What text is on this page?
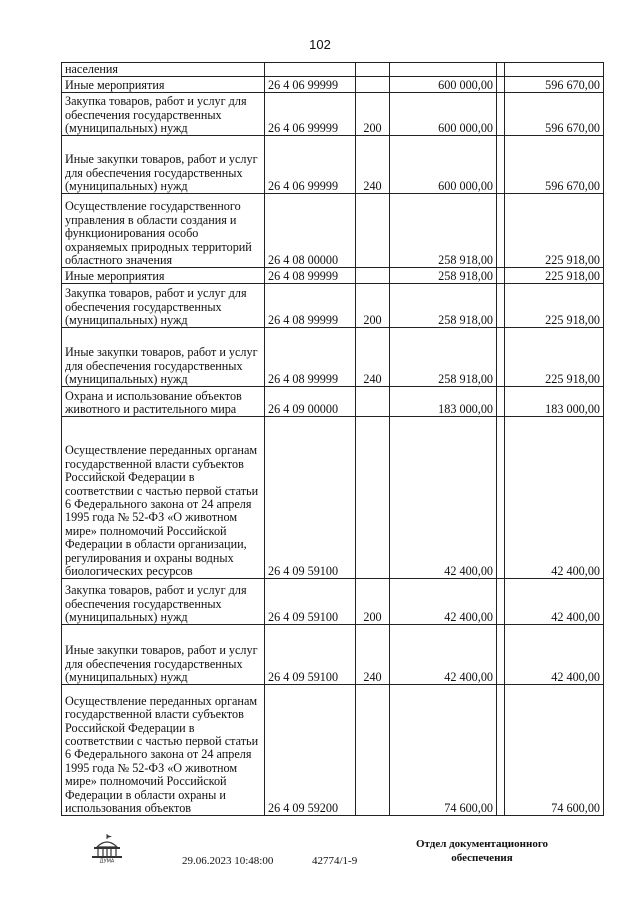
102
населения					
Иные мероприятия	26 4 06 99999		600 000,00		596 670,00
Закупка товаров, работ и услуг для обеспечения государственных (муниципальных) нужд	26 4 06 99999	200	600 000,00		596 670,00
Иные закупки товаров, работ и услуг для обеспечения государственных (муниципальных) нужд	26 4 06 99999	240	600 000,00		596 670,00
Осуществление государственного управления в области создания и функционирования особо охраняемых природных территорий областного значения	26 4 08 00000		258 918,00		225 918,00
Иные мероприятия	26 4 08 99999		258 918,00		225 918,00
Закупка товаров, работ и услуг для обеспечения государственных (муниципальных) нужд	26 4 08 99999	200	258 918,00		225 918,00
Иные закупки товаров, работ и услуг для обеспечения государственных (муниципальных) нужд	26 4 08 99999	240	258 918,00		225 918,00
Охрана и использование объектов животного и растительного мира	26 4 09 00000		183 000,00		183 000,00
Осуществление переданных органам государственной власти субъектов Российской Федерации в соответствии с частью первой статьи 6 Федерального закона от 24 апреля 1995 года № 52-ФЗ «О животном мире» полномочий Российской Федерации в области организации, регулирования и охраны водных биологических ресурсов	26 4 09 59100		42 400,00		42 400,00
Закупка товаров, работ и услуг для обеспечения государственных (муниципальных) нужд	26 4 09 59100	200	42 400,00		42 400,00
Иные закупки товаров, работ и услуг для обеспечения государственных (муниципальных) нужд	26 4 09 59100	240	42 400,00		42 400,00
Осуществление переданных органам государственной власти субъектов Российской Федерации в соответствии с частью первой статьи 6 Федерального закона от 24 апреля 1995 года № 52-ФЗ «О животном мире» полномочий Российской Федерации в области охраны и использования объектов	26 4 09 59200		74 600,00		74 600,00
ДУМА
Отдел документационного обеспечения
29.06.2023 10:48:00	42774/1-9
